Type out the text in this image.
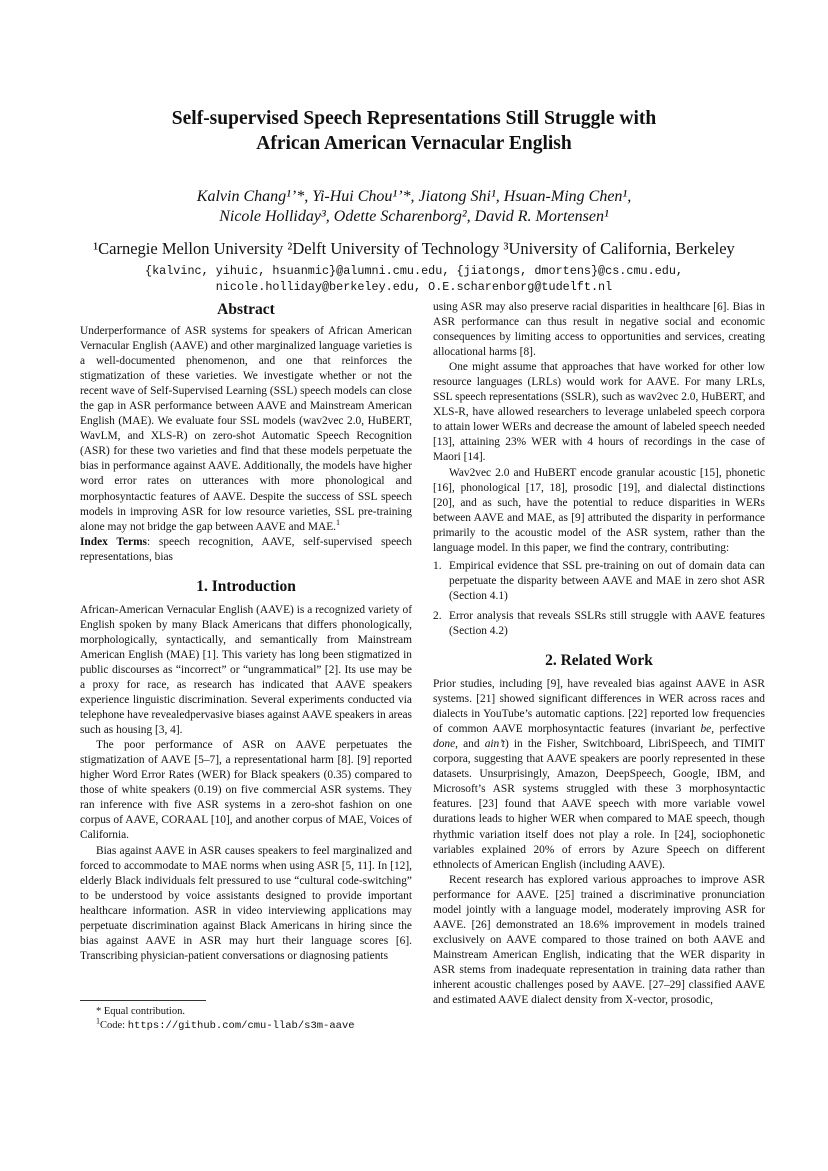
Self-supervised Speech Representations Still Struggle with
African American Vernacular English
Kalvin Chang¹ʼ*, Yi-Hui Chou¹ʼ*, Jiatong Shi¹, Hsuan-Ming Chen¹,
Nicole Holliday³, Odette Scharenborg², David R. Mortensen¹
¹Carnegie Mellon University ²Delft University of Technology ³University of California, Berkeley
{kalvinc, yihuic, hsuanmic}@alumni.cmu.edu, {jiatongs, dmortens}@cs.cmu.edu,
nicole.holliday@berkeley.edu, O.E.scharenborg@tudelft.nl
Abstract

Underperformance of ASR systems for speakers of African American Vernacular English (AAVE) and other marginalized language varieties is a well-documented phenomenon, and one that reinforces the stigmatization of these varieties. We investigate whether or not the recent wave of Self-Supervised Learning (SSL) speech models can close the gap in ASR performance between AAVE and Mainstream American English (MAE). We evaluate four SSL models (wav2vec 2.0, HuBERT, WavLM, and XLS-R) on zero-shot Automatic Speech Recognition (ASR) for these two varieties and find that these models perpetuate the bias in performance against AAVE. Additionally, the models have higher word error rates on utterances with more phonological and morphosyntactic features of AAVE. Despite the success of SSL speech models in improving ASR for low resource varieties, SSL pre-training alone may not bridge the gap between AAVE and MAE.$^1$

Index Terms: speech recognition, AAVE, self-supervised speech representations, bias

1. Introduction

African-American Vernacular English (AAVE) is a recognized variety of English spoken by many Black Americans that differs phonologically, morphologically, syntactically, and semantically from Mainstream American English (MAE) [1]. This variety has long been stigmatized in public discourses as “incorrect” or “ungrammatical” [2]. Its use may be a proxy for race, as research has indicated that AAVE speakers experience linguistic discrimination. Several experiments conducted via telephone have revealedpervasive biases against AAVE speakers in areas such as housing [3, 4].

The poor performance of ASR on AAVE perpetuates the stigmatization of AAVE [5–7], a representational harm [8]. [9] reported higher Word Error Rates (WER) for Black speakers (0.35) compared to those of white speakers (0.19) on five commercial ASR systems. They ran inference with five ASR systems in a zero-shot fashion on one corpus of AAVE, CORAAL [10], and another corpus of MAE, Voices of California.

Bias against AAVE in ASR causes speakers to feel marginalized and forced to accommodate to MAE norms when using ASR [5, 11]. In [12], elderly Black individuals felt pressured to use “cultural code-switching” to be understood by voice assistants designed to provide important healthcare information. ASR in video interviewing applications may perpetuate discrimination against Black Americans in hiring since the bias against AAVE in ASR may hurt their language scores [6]. Transcribing physician-patient conversations or diagnosing patients

using ASR may also preserve racial disparities in healthcare [6]. Bias in ASR performance can thus result in negative social and economic consequences by limiting access to opportunities and services, creating allocational harms [8].

One might assume that approaches that have worked for other low resource languages (LRLs) would work for AAVE. For many LRLs, SSL speech representations (SSLR), such as wav2vec 2.0, HuBERT, and XLS-R, have allowed researchers to leverage unlabeled speech corpora to attain lower WERs and decrease the amount of labeled speech needed [13], attaining 23% WER with 4 hours of recordings in the case of Maori [14].

Wav2vec 2.0 and HuBERT encode granular acoustic [15], phonetic [16], phonological [17, 18], prosodic [19], and dialectal distinctions [20], and as such, have the potential to reduce disparities in WERs between AAVE and MAE, as [9] attributed the disparity in performance primarily to the acoustic model of the ASR system, rather than the language model. In this paper, we find the contrary, contributing:

1. Empirical evidence that SSL pre-training on out of domain data can perpetuate the disparity between AAVE and MAE in zero shot ASR (Section 4.1)
2. Error analysis that reveals SSLRs still struggle with AAVE features (Section 4.2)
2. Related Work

Prior studies, including [9], have revealed bias against AAVE in ASR systems. [21] showed significant differences in WER across races and dialects in YouTube’s automatic captions. [22] reported low frequencies of common AAVE morphosyntactic features (invariant be, perfective done, and ain’t) in the Fisher, Switchboard, LibriSpeech, and TIMIT corpora, suggesting that AAVE speakers are poorly represented in these datasets. Unsurprisingly, Amazon, DeepSpeech, Google, IBM, and Microsoft’s ASR systems struggled with these 3 morphosyntactic features. [23] found that AAVE speech with more variable vowel durations leads to higher WER when compared to MAE speech, though rhythmic variation itself does not play a role. In [24], sociophonetic variables explained 20% of errors by Azure Speech on different ethnolects of American English (including AAVE).

Recent research has explored various approaches to improve ASR performance for AAVE. [25] trained a discriminative pronunciation model jointly with a language model, moderately improving ASR for AAVE. [26] demonstrated an 18.6% improvement in models trained exclusively on AAVE compared to those trained on both AAVE and Mainstream American English, indicating that the WER disparity in ASR stems from inadequate representation in training data rather than inherent acoustic challenges posed by AAVE. [27–29] classified AAVE and estimated AAVE dialect density from X-vector, prosodic,

* Equal contribution.
$^1$Code: https://github.com/cmu-llab/s3m-aave
